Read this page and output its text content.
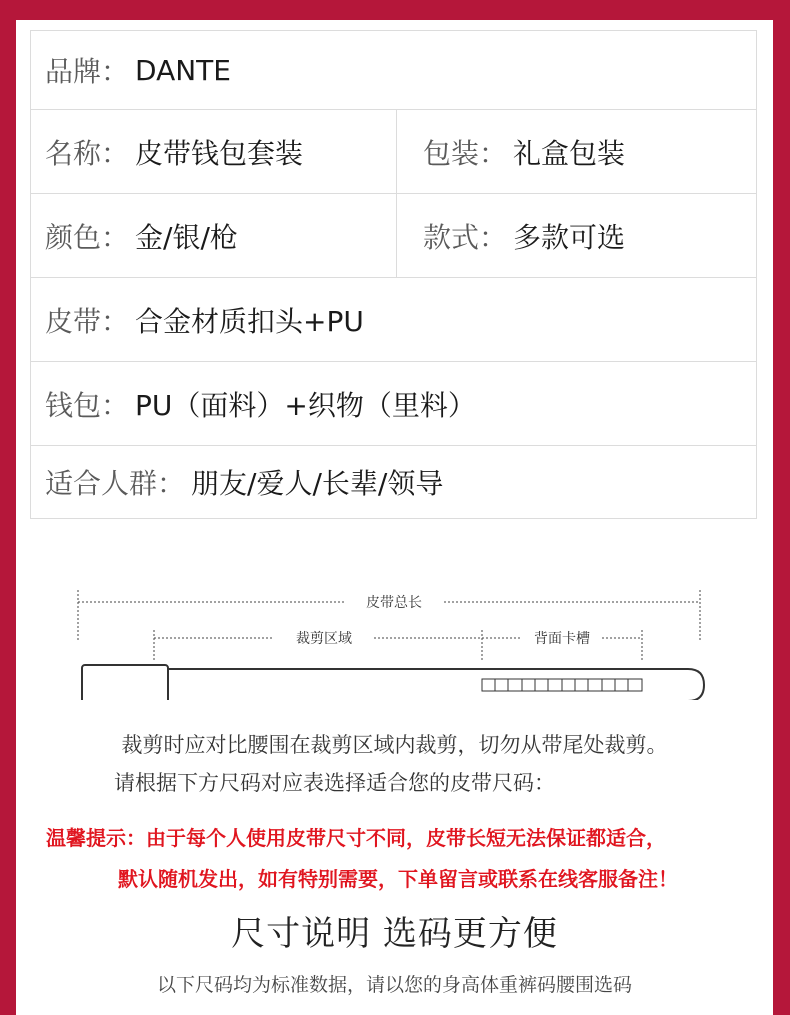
品牌： DANTE
名称： 皮带钱包套装	包装： 礼盒包装
颜色： 金/银/枪	款式： 多款可选
皮带： 合金材质扣头+PU
钱包： PU（面料）+织物（里料）
适合人群： 朋友/爱人/长辈/领导
皮带总长
裁剪区域	背面卡槽
裁剪时应对比腰围在裁剪区域内裁剪，切勿从带尾处裁剪。
请根据下方尺码对应表选择适合您的皮带尺码：
温馨提示：由于每个人使用皮带尺寸不同，皮带长短无法保证都适合，
默认随机发出，如有特别需要，下单留言或联系在线客服备注！
尺寸说明 选码更方便
以下尺码均为标准数据，请以您的身高体重裤码腰围选码
